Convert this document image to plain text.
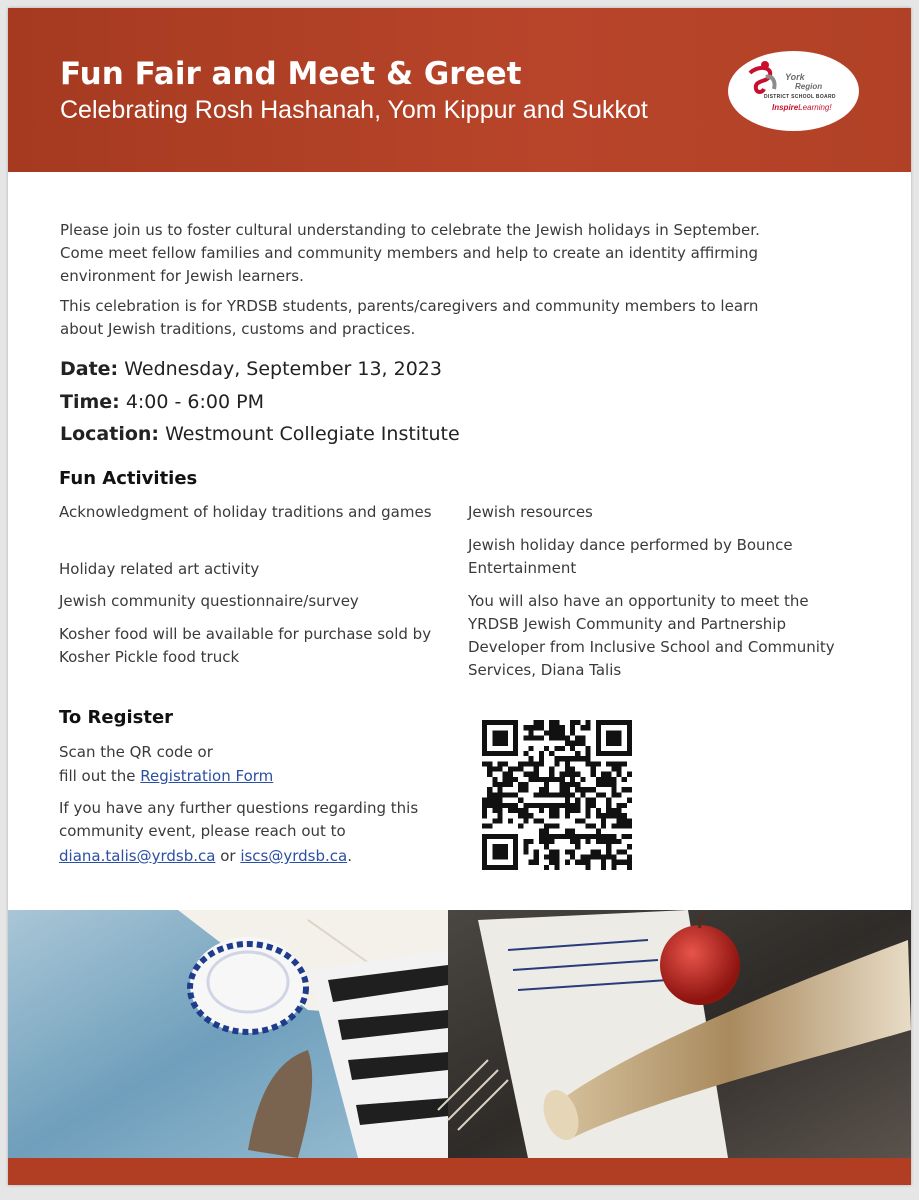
Fun Fair and Meet & Greet
Celebrating Rosh Hashanah, Yom Kippur and Sukkot
York
Region
DISTRICT SCHOOL BOARD
InspireLearning!
Please join us to foster cultural understanding to celebrate the Jewish holidays in September. Come meet fellow families and community members and help to create an identity affirming environment for Jewish learners.
This celebration is for YRDSB students, parents/caregivers and community members to learn about Jewish traditions, customs and practices.
Date: Wednesday, September 13, 2023
Time: 4:00 - 6:00 PM
Location: Westmount Collegiate Institute
Fun Activities
Acknowledgment of holiday traditions and games
Holiday related art activity
Jewish community questionnaire/survey
Kosher food will be available for purchase sold by Kosher Pickle food truck
Jewish resources
Jewish holiday dance performed by Bounce Entertainment
You will also have an opportunity to meet the YRDSB Jewish Community and Partnership Developer from Inclusive School and Community Services, Diana Talis
To Register
Scan the QR code or
fill out the Registration Form
If you have any further questions regarding this community event, please reach out to
diana.talis@yrdsb.ca or iscs@yrdsb.ca.
